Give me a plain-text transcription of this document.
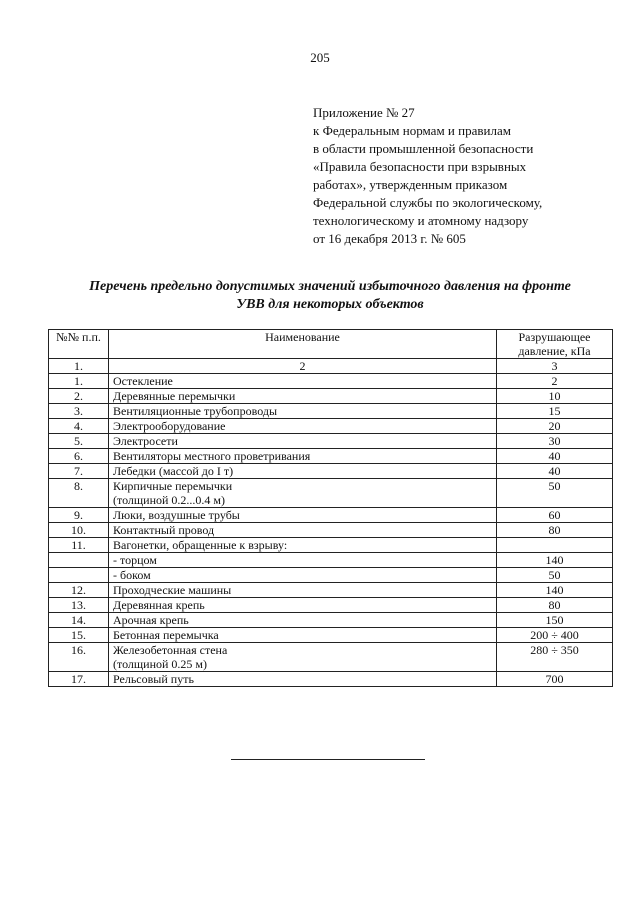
205
Приложение № 27
к Федеральным нормам и правилам
в области промышленной безопасности
«Правила безопасности при взрывных
работах», утвержденным приказом
Федеральной службы по экологическому,
технологическому и атомному надзору
от 16 декабря 2013 г. № 605
Перечень предельно допустимых значений избыточного давления на фронте
УВВ для некоторых объектов
№№ п.п.	Наименование	Разрушающее давление, кПа
1.	2	3
1.	Остекление	2
2.	Деревянные перемычки	10
3.	Вентиляционные трубопроводы	15
4.	Электрооборудование	20
5.	Электросети	30
6.	Вентиляторы местного проветривания	40
7.	Лебедки (массой до I т)	40
8.	Кирпичные перемычки
(толщиной 0.2...0.4 м)	50
9.	Люки, воздушные трубы	60
10.	Контактный провод	80
11.	Вагонетки, обращенные к взрыву:	

	- торцом	140

	- боком	50
12.	Проходческие машины	140
13.	Деревянная крепь	80
14.	Арочная крепь	150
15.	Бетонная перемычка	200 ÷ 400
16.	Железобетонная стена
(толщиной 0.25 м)	280 ÷ 350
17.	Рельсовый путь	700
